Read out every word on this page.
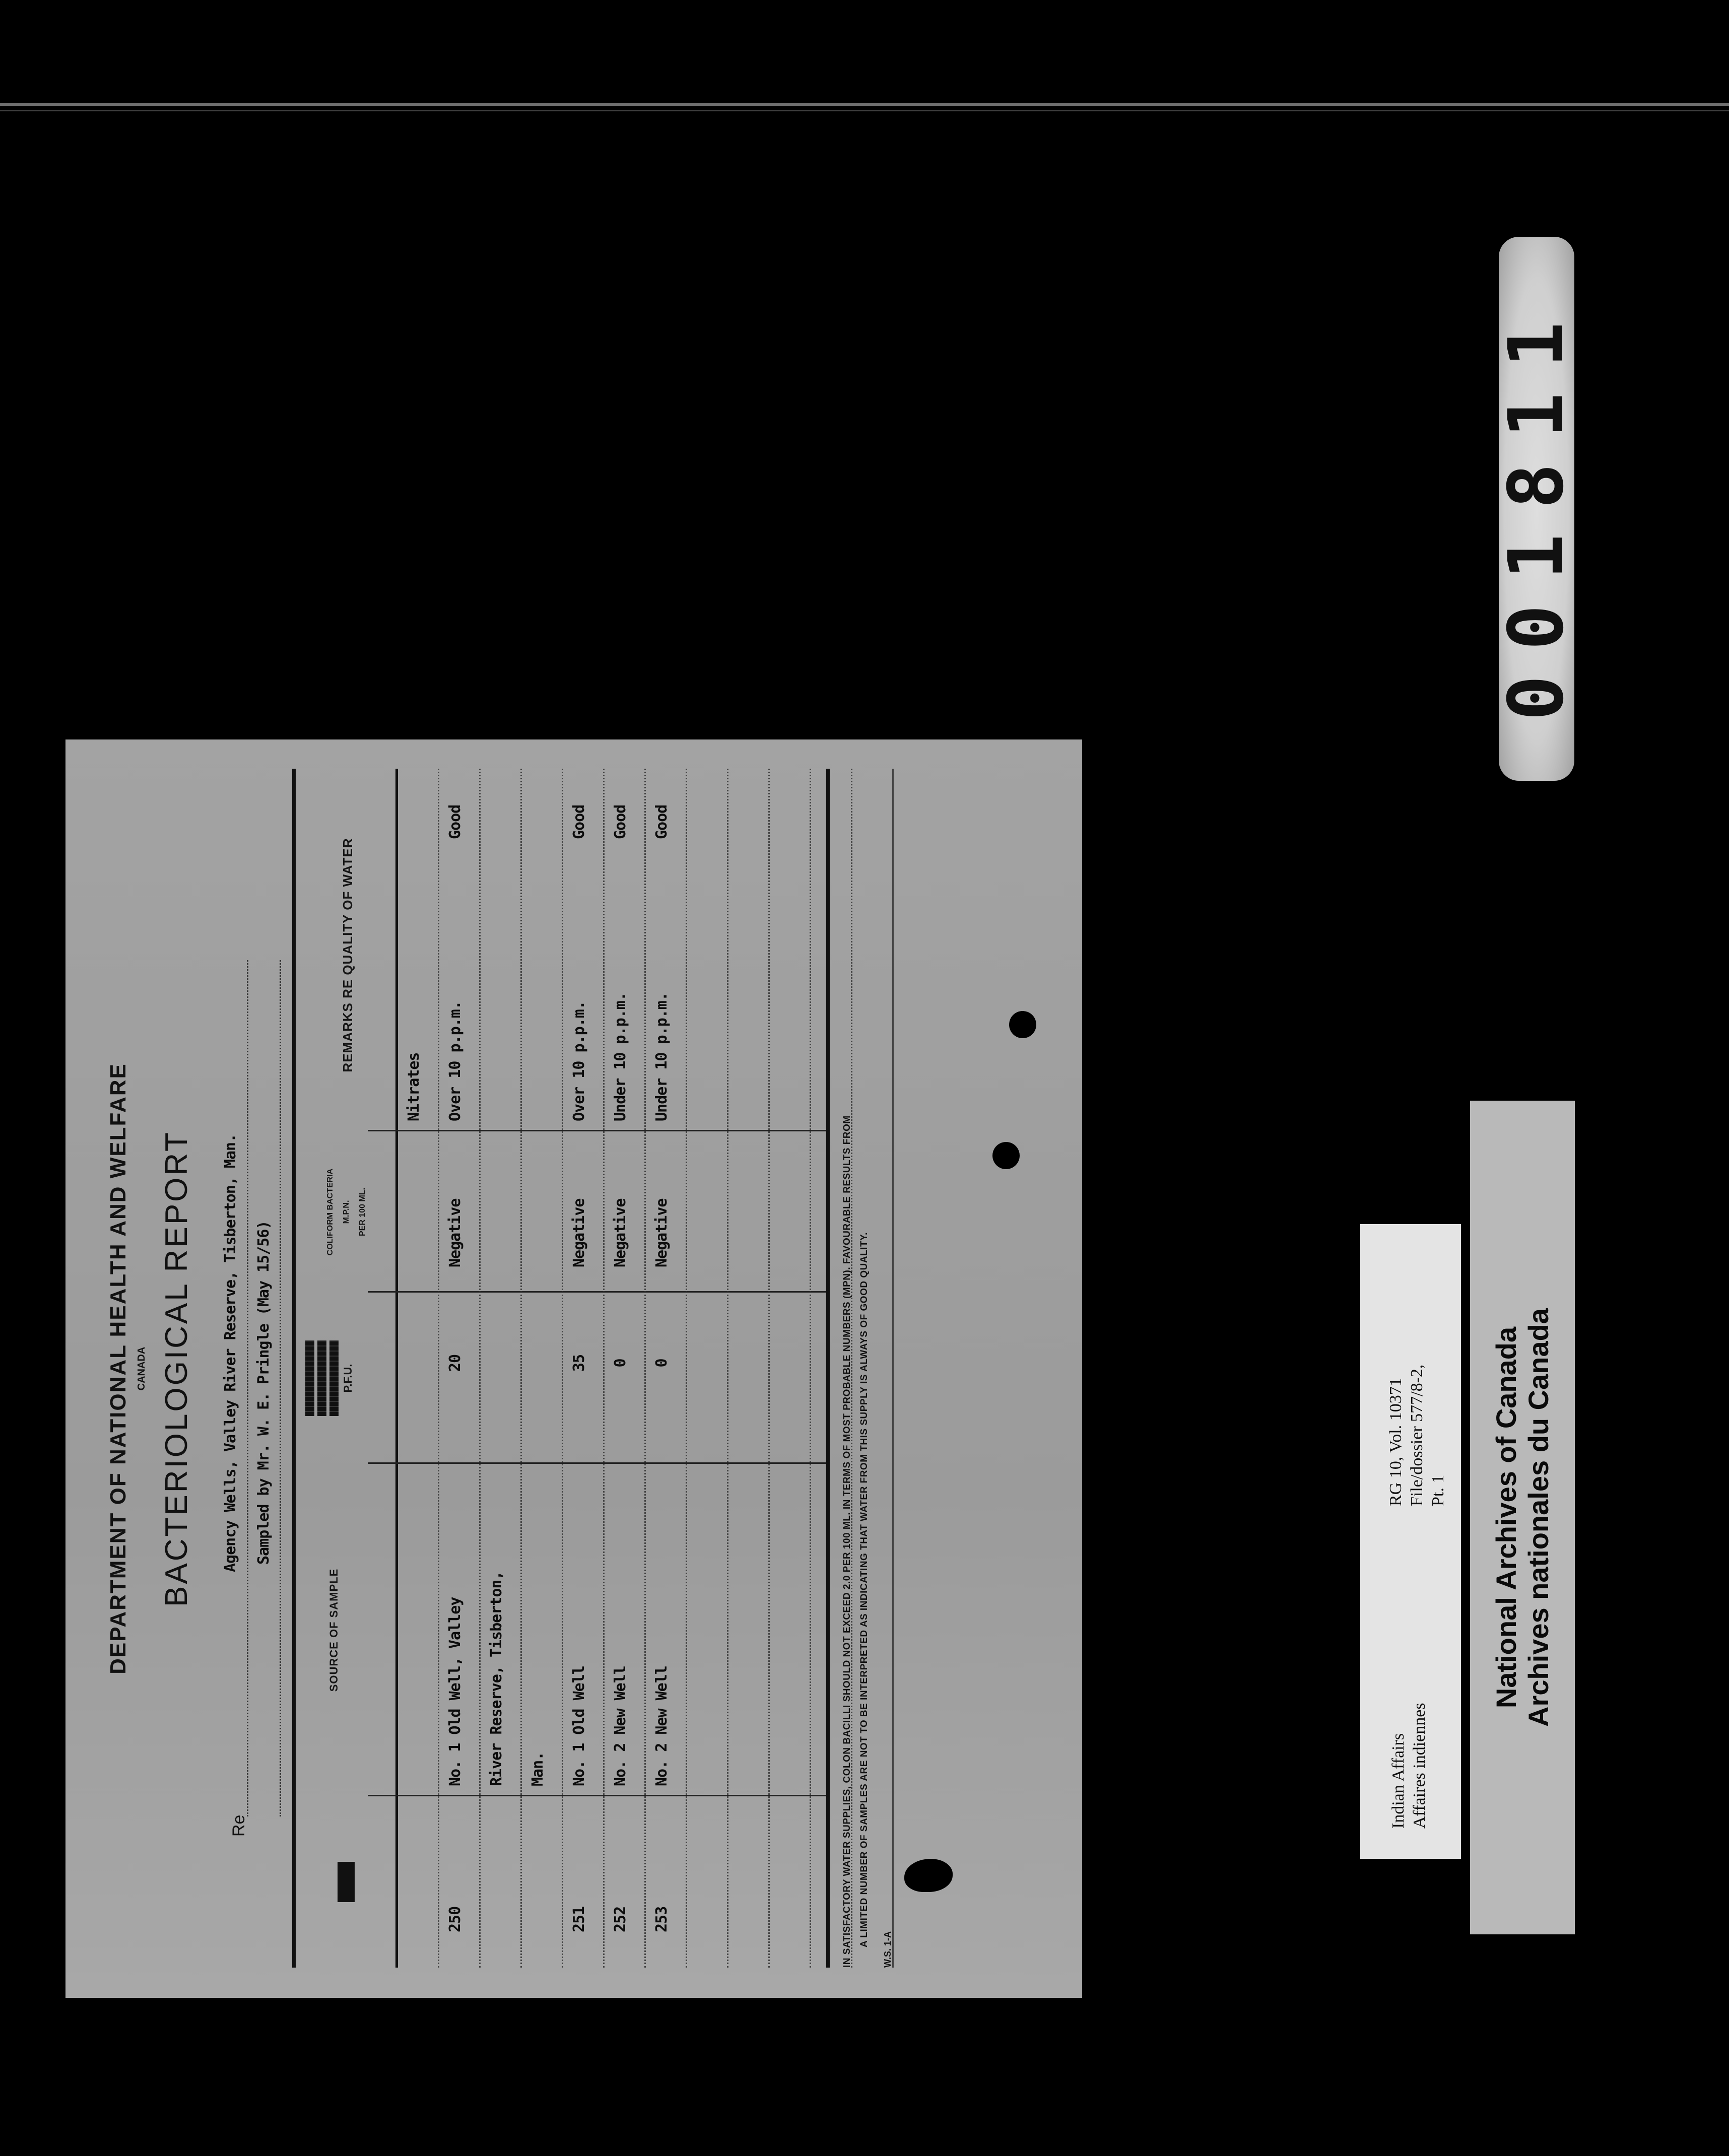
DEPARTMENT OF NATIONAL HEALTH AND WELFARE CANADA BACTERIOLOGICAL REPORT
Re
Agency Wells, Valley River Reserve, Tisberton, Man. Sampled by Mr. W. E. Pringle (May 15/56)
SOURCE OF SAMPLE
P.F.U.
COLIFORM BACTERIA M.P.N. PER 100 ML.
REMARKS RE QUALITY OF WATER
Nitrates
250
No. 1 Old Well, Valley
20
Negative
Over 10 p.p.m.
Good
River Reserve, Tisberton, Man.
251
No. 1 Old Well
35
Negative
Over 10 p.p.m.
Good
252
No. 2 New Well
0
Negative
Under 10 p.p.m.
Good
253
No. 2 New Well
0
Negative
Under 10 p.p.m.
Good
IN SATISFACTORY WATER SUPPLIES, COLON BACILLI SHOULD NOT EXCEED 2.0 PER 100 ML. IN TERMS OF MOST PROBABLE NUMBERS (MPN). FAVOURABLE RESULTS FROM A LIMITED NUMBER OF SAMPLES ARE NOT TO BE INTERPRETED AS INDICATING THAT WATER FROM THIS SUPPLY IS ALWAYS OF GOOD QUALITY.
W.S. 1-A
Indian Affairs Affaires indiennes
RG 10, Vol. 10371 File/dossier 577/8-2, Pt. 1 National Archives of Canada Archives nationales du Canada
001811
